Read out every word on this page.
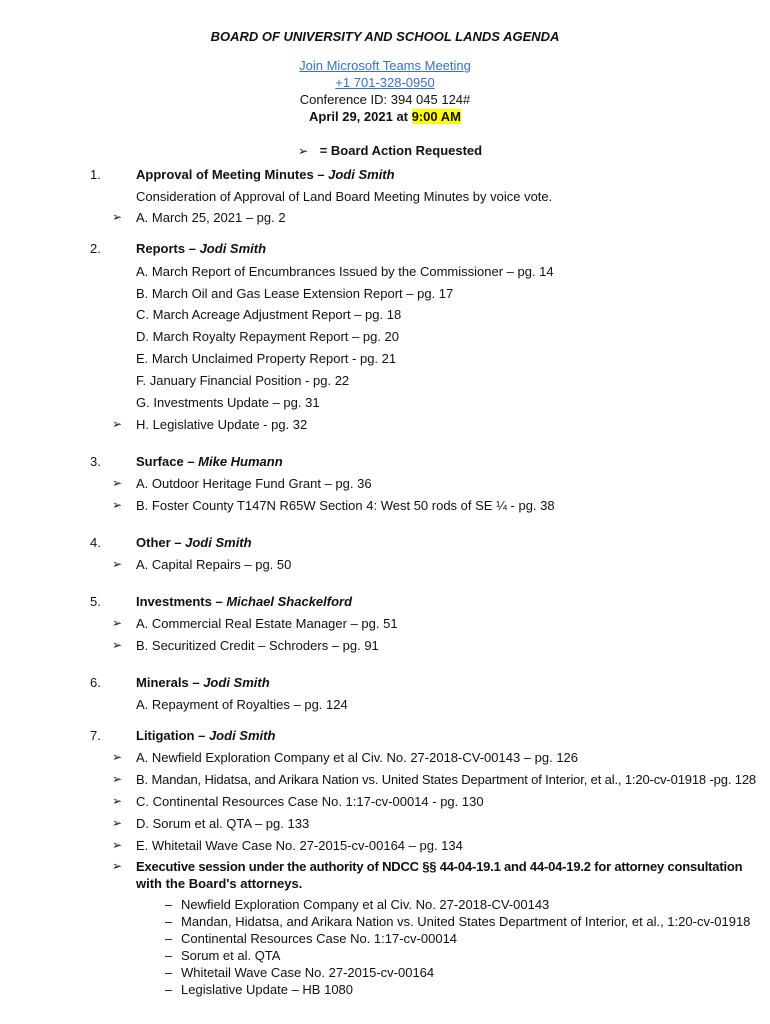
BOARD OF UNIVERSITY AND SCHOOL LANDS AGENDA
Join Microsoft Teams Meeting
+1 701-328-0950
Conference ID: 394 045 124#
April 29, 2021 at 9:00 AM
➢ = Board Action Requested
1.	Approval of Meeting Minutes – Jodi Smith
Consideration of Approval of Land Board Meeting Minutes by voice vote.
➢ A. March 25, 2021 – pg. 2
2.	Reports – Jodi Smith
A. March Report of Encumbrances Issued by the Commissioner – pg. 14
B. March Oil and Gas Lease Extension Report – pg. 17
C. March Acreage Adjustment Report – pg. 18
D. March Royalty Repayment Report – pg. 20
E. March Unclaimed Property Report - pg. 21
F. January Financial Position - pg. 22
G. Investments Update – pg. 31
➢ H. Legislative Update - pg. 32
3.	Surface – Mike Humann
➢ A. Outdoor Heritage Fund Grant – pg. 36
➢ B. Foster County T147N R65W Section 4: West 50 rods of SE ¼ - pg. 38
4.	Other – Jodi Smith
➢ A. Capital Repairs – pg. 50
5.	Investments – Michael Shackelford
➢ A. Commercial Real Estate Manager – pg. 51
➢ B. Securitized Credit – Schroders – pg. 91
6.	Minerals – Jodi Smith
A. Repayment of Royalties – pg. 124
7.	Litigation – Jodi Smith
➢ A. Newfield Exploration Company et al Civ. No. 27-2018-CV-00143 – pg. 126
➢ B. Mandan, Hidatsa, and Arikara Nation vs. United States Department of Interior, et al., 1:20-cv-01918 -pg. 128
➢ C. Continental Resources Case No. 1:17-cv-00014 - pg. 130
➢ D. Sorum et al. QTA – pg. 133
➢ E. Whitetail Wave Case No. 27-2015-cv-00164 – pg. 134
➢ Executive session under the authority of NDCC §§ 44-04-19.1 and 44-04-19.2 for attorney consultation
with the Board's attorneys.
– Newfield Exploration Company et al Civ. No. 27-2018-CV-00143
– Mandan, Hidatsa, and Arikara Nation vs. United States Department of Interior, et al., 1:20-cv-01918
– Continental Resources Case No. 1:17-cv-00014
– Sorum et al. QTA
– Whitetail Wave Case No. 27-2015-cv-00164
– Legislative Update – HB 1080
